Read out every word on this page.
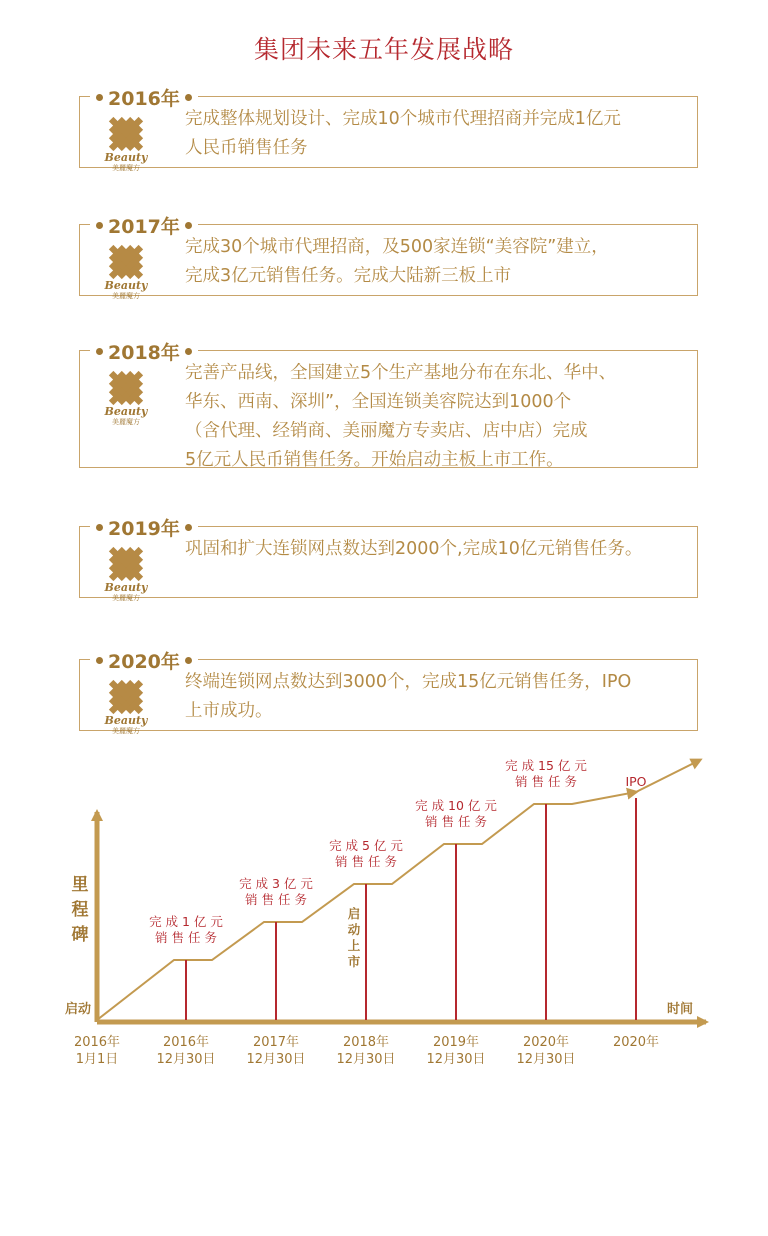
集团未来五年发展战略
2016年
Beauty
美麗魔方
完成整体规划设计、完成10个城市代理招商并完成1亿元
人民币销售任务
2017年
Beauty
美麗魔方
完成30个城市代理招商，及500家连锁“美容院”建立，
完成3亿元销售任务。完成大陆新三板上市
2018年
Beauty
美麗魔方
完善产品线，全国建立5个生产基地分布在东北、华中、
华东、西南、深圳”，全国连锁美容院达到1000个
（含代理、经销商、美丽魔方专卖店、店中店）完成
5亿元人民币销售任务。开始启动主板上市工作。
2019年
Beauty
美麗魔方
巩固和扩大连锁网点数达到2000个,完成10亿元销售任务。
2020年
Beauty
美麗魔方
终端连锁网点数达到3000个，完成15亿元销售任务，IPO
上市成功。
里
程
碑
时间
启动
2016年
1月1日
完 成 1 亿 元
销 售 任 务
2016年
12月30日
完 成 3 亿 元
销 售 任 务
2017年
12月30日
完 成 5 亿 元
销 售 任 务
2018年
12月30日
启
动
上
市
完 成 10 亿 元
销 售 任 务
2019年
12月30日
完 成 15 亿 元
销 售 任 务
2020年
12月30日
IPO
2020年
